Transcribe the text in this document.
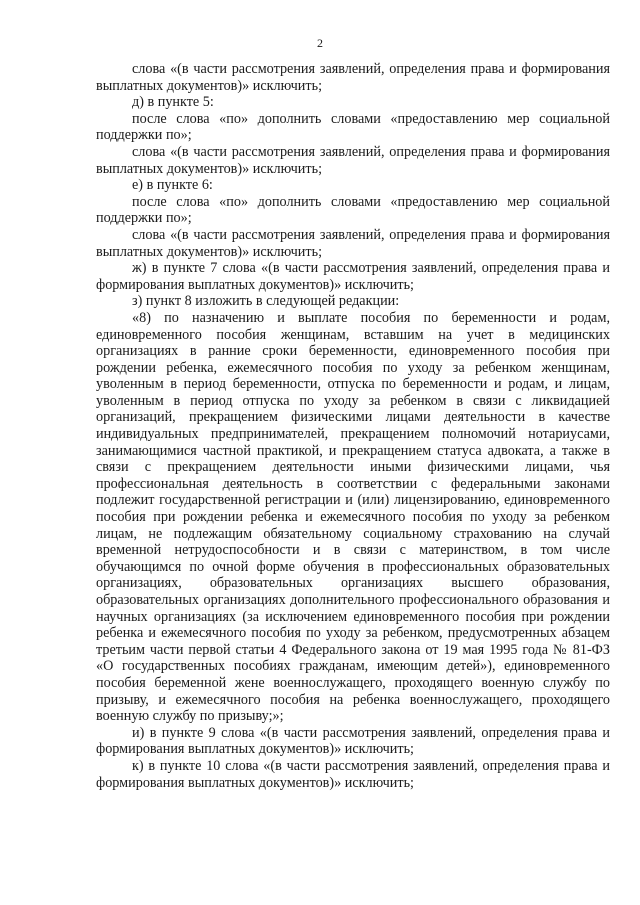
2

слова «(в части рассмотрения заявлений, определения права и формирования выплатных документов)» исключить;

д) в пункте 5:

после слова «по» дополнить словами «предоставлению мер социальной поддержки по»;

слова «(в части рассмотрения заявлений, определения права и формирования выплатных документов)» исключить;

е) в пункте 6:

после слова «по» дополнить словами «предоставлению мер социальной поддержки по»;

слова «(в части рассмотрения заявлений, определения права и формирования выплатных документов)» исключить;

ж) в пункте 7 слова «(в части рассмотрения заявлений, определения права и формирования выплатных документов)» исключить;

з) пункт 8 изложить в следующей редакции:

«8) по назначению и выплате пособия по беременности и родам, единовременного пособия женщинам, вставшим на учет в медицинских организациях в ранние сроки беременности, единовременного пособия при рождении ребенка, ежемесячного пособия по уходу за ребенком женщинам, уволенным в период беременности, отпуска по беременности и родам, и лицам, уволенным в период отпуска по уходу за ребенком в связи с ликвидацией организаций, прекращением физическими лицами деятельности в качестве индивидуальных предпринимателей, прекращением полномочий нотариусами, занимающимися частной практикой, и прекращением статуса адвоката, а также в связи с прекращением деятельности иными физическими лицами, чья профессиональная деятельность в соответствии с федеральными законами подлежит государственной регистрации и (или) лицензированию, единовременного пособия при рождении ребенка и ежемесячного пособия по уходу за ребенком лицам, не подлежащим обязательному социальному страхованию на случай временной нетрудоспособности и в связи с материнством, в том числе обучающимся по очной форме обучения в профессиональных образовательных организациях, образовательных организациях высшего образования, образовательных организациях дополнительного профессионального образования и научных организациях (за исключением единовременного пособия при рождении ребенка и ежемесячного пособия по уходу за ребенком, предусмотренных абзацем третьим части первой статьи 4 Федерального закона от 19 мая 1995 года № 81-ФЗ «О государственных пособиях гражданам, имеющим детей»), единовременного пособия беременной жене военнослужащего, проходящего военную службу по призыву, и ежемесячного пособия на ребенка военнослужащего, проходящего военную службу по призыву;»;

и) в пункте 9 слова «(в части рассмотрения заявлений, определения права и формирования выплатных документов)» исключить;

к) в пункте 10 слова «(в части рассмотрения заявлений, определения права и формирования выплатных документов)» исключить;
